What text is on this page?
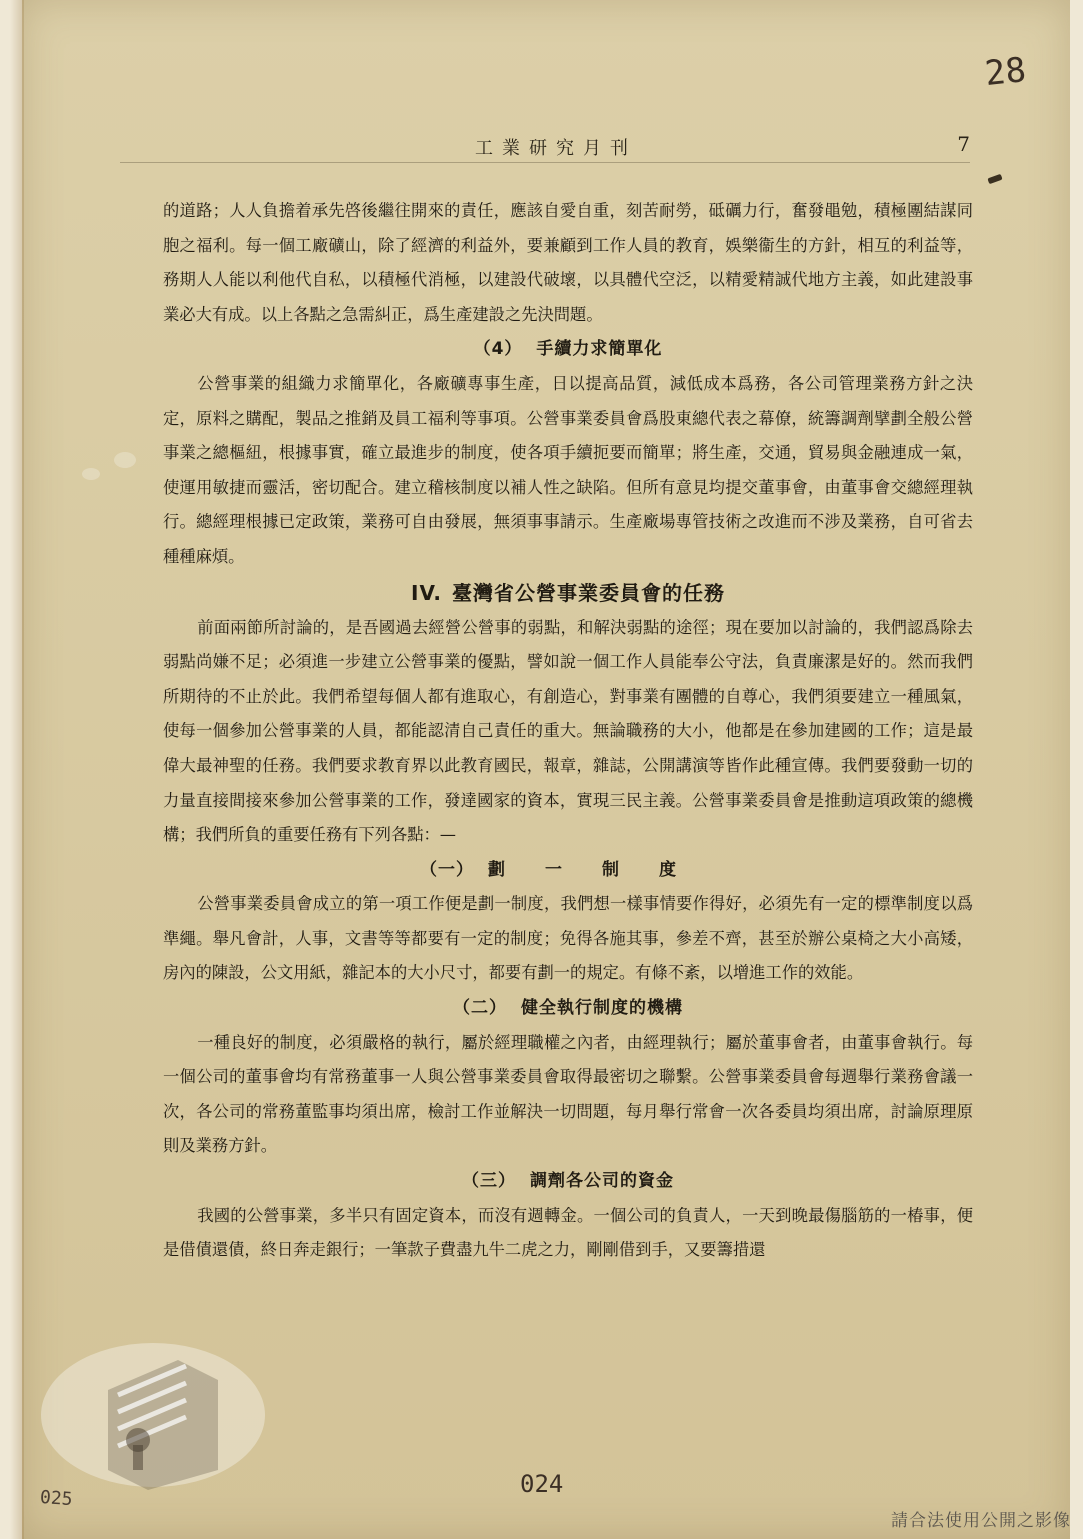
28
工業研究月刊	7

的道路；人人負擔着承先啓後繼往開來的責任，應該自愛自重，刻苦耐勞，砥礪力行，奮發黽勉，積極團結謀同胞之福利。每一個工廠礦山，除了經濟的利益外，要兼顧到工作人員的教育，娛樂衞生的方針，相互的利益等，務期人人能以利他代自私，以積極代消極，以建設代破壞，以具體代空泛，以精愛精誠代地方主義，如此建設事業必大有成。以上各點之急需糾正，爲生產建設之先決問題。

（4） 手續力求簡單化

公營事業的組織力求簡單化，各廠礦專事生產，日以提高品質，減低成本爲務，各公司管理業務方針之決定，原料之購配，製品之推銷及員工福利等事項。公營事業委員會爲股東總代表之幕僚，統籌調劑擘劃全般公營事業之總樞紐，根據事實，確立最進步的制度，使各項手續扼要而簡單；將生產，交通，貿易與金融連成一氣，使運用敏捷而靈活，密切配合。建立稽核制度以補人性之缺陷。但所有意見均提交董事會，由董事會交總經理執行。總經理根據已定政策，業務可自由發展，無須事事請示。生產廠場專管技術之改進而不涉及業務，自可省去種種麻煩。

IV. 臺灣省公營事業委員會的任務

前面兩節所討論的，是吾國過去經營公營事的弱點，和解決弱點的途徑；現在要加以討論的，我們認爲除去弱點尚嫌不足；必須進一步建立公營事業的優點，譬如說一個工作人員能奉公守法，負責廉潔是好的。然而我們所期待的不止於此。我們希望每個人都有進取心，有創造心，對事業有團體的自尊心，我們須要建立一種風氣，使每一個參加公營事業的人員，都能認清自己責任的重大。無論職務的大小，他都是在參加建國的工作；這是最偉大最神聖的任務。我們要求教育界以此教育國民，報章，雜誌，公開講演等皆作此種宣傳。我們要發動一切的力量直接間接來參加公營事業的工作，發達國家的資本，實現三民主義。公營事業委員會是推動這項政策的總機構；我們所負的重要任務有下列各點：—

（一） 劃一制度

公營事業委員會成立的第一項工作便是劃一制度，我們想一樣事情要作得好，必須先有一定的標準制度以爲準繩。舉凡會計，人事，文書等等都要有一定的制度；免得各施其事，參差不齊，甚至於辦公桌椅之大小高矮，房內的陳設，公文用紙，雜記本的大小尺寸，都要有劃一的規定。有條不紊，以增進工作的效能。

（二） 健全執行制度的機構

一種良好的制度，必須嚴格的執行，屬於經理職權之內者，由經理執行；屬於董事會者，由董事會執行。每一個公司的董事會均有常務董事一人與公營事業委員會取得最密切之聯繫。公營事業委員會每週舉行業務會議一次，各公司的常務董監事均須出席，檢討工作並解決一切問題，每月舉行常會一次各委員均須出席，討論原理原則及業務方針。

（三） 調劑各公司的資金

我國的公營事業，多半只有固定資本，而沒有週轉金。一個公司的負責人，一天到晚最傷腦筋的一椿事，便是借債還債，終日奔走銀行；一筆款子費盡九牛二虎之力，剛剛借到手，又要籌措還

025
024
請合法使用公開之影像
